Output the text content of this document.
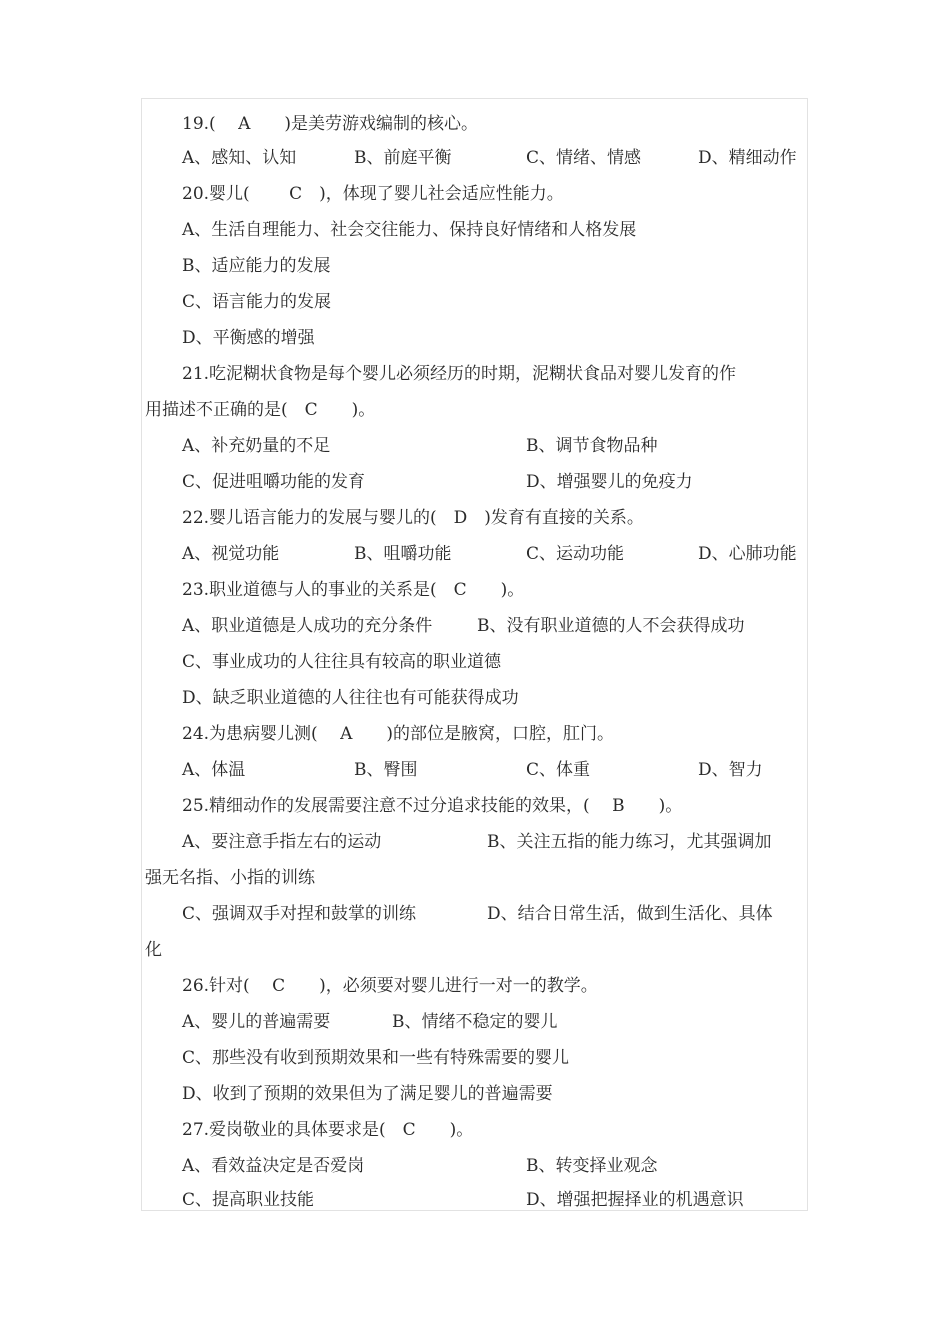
19.(　 A　　)是美劳游戏编制的核心。
A、感知、认知	B、前庭平衡	C、情绪、情感	D、精细动作
20.婴儿(　　 C　)，体现了婴儿社会适应性能力。
A、生活自理能力、社会交往能力、保持良好情绪和人格发展
B、适应能力的发展
C、语言能力的发展
D、平衡感的增强
21.吃泥糊状食物是每个婴儿必须经历的时期，泥糊状食品对婴儿发育的作
用描述不正确的是(　C　　)。
A、补充奶量的不足	B、调节食物品种
C、促进咀嚼功能的发育	D、增强婴儿的免疫力
22.婴儿语言能力的发展与婴儿的(　D　)发育有直接的关系。
A、视觉功能	B、咀嚼功能	C、运动功能	D、心肺功能
23.职业道德与人的事业的关系是(　C　　)。
A、职业道德是人成功的充分条件	B、没有职业道德的人不会获得成功
C、事业成功的人往往具有较高的职业道德
D、缺乏职业道德的人往往也有可能获得成功
24.为患病婴儿测(　 A　　)的部位是腋窝，口腔，肛门。
A、体温	B、臀围	C、体重	D、智力
25.精细动作的发展需要注意不过分追求技能的效果，(　 B　　)。
A、要注意手指左右的运动	B、关注五指的能力练习，尤其强调加
强无名指、小指的训练
C、强调双手对捏和鼓掌的训练	D、结合日常生活，做到生活化、具体
化
26.针对(　 C　　)，必须要对婴儿进行一对一的教学。
A、婴儿的普遍需要	B、情绪不稳定的婴儿
C、那些没有收到预期效果和一些有特殊需要的婴儿
D、收到了预期的效果但为了满足婴儿的普遍需要
27.爱岗敬业的具体要求是(　C　　)。
A、看效益决定是否爱岗	B、转变择业观念
C、提高职业技能	D、增强把握择业的机遇意识
